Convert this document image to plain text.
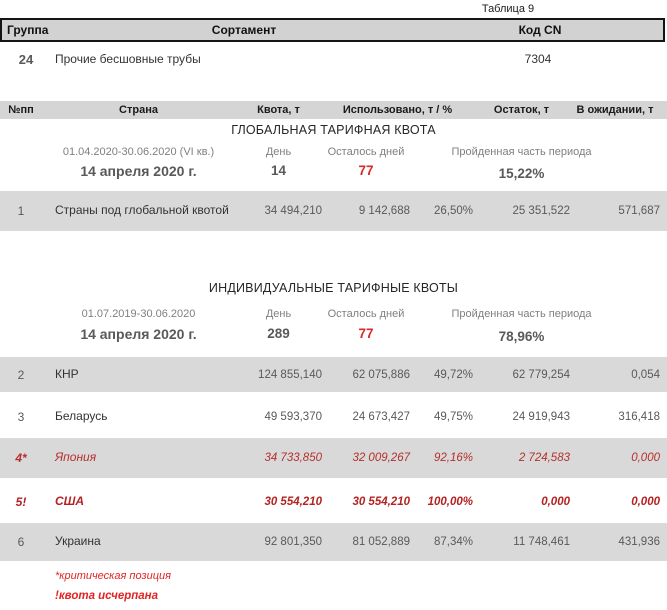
Таблица 9
Группа	Сортамент	Код CN
24	Прочие бесшовные трубы	7304
№пп	Страна	Квота, т	Использовано, т / %	Остаток, т	В ожидании, т
ГЛОБАЛЬНАЯ ТАРИФНАЯ КВОТА
01.04.2020-30.06.2020 (VI кв.)	День	Осталось дней	Пройденная часть периода
14 апреля 2020 г.	14	77	15,22%
1	Страны под глобальной квотой	34 494,210	9 142,688	26,50%	25 351,522	571,687
ИНДИВИДУАЛЬНЫЕ ТАРИФНЫЕ КВОТЫ
01.07.2019-30.06.2020	День	Осталось дней	Пройденная часть периода
14 апреля 2020 г.	289	77	78,96%
2	КНР	124 855,140	62 075,886	49,72%	62 779,254	0,054
3	Беларусь	49 593,370	24 673,427	49,75%	24 919,943	316,418
4*	Япония	34 733,850	32 009,267	92,16%	2 724,583	0,000
5!	США	30 554,210	30 554,210	100,00%	0,000	0,000
6	Украина	92 801,350	81 052,889	87,34%	11 748,461	431,936
*критическая позиция
!квота исчерпана
